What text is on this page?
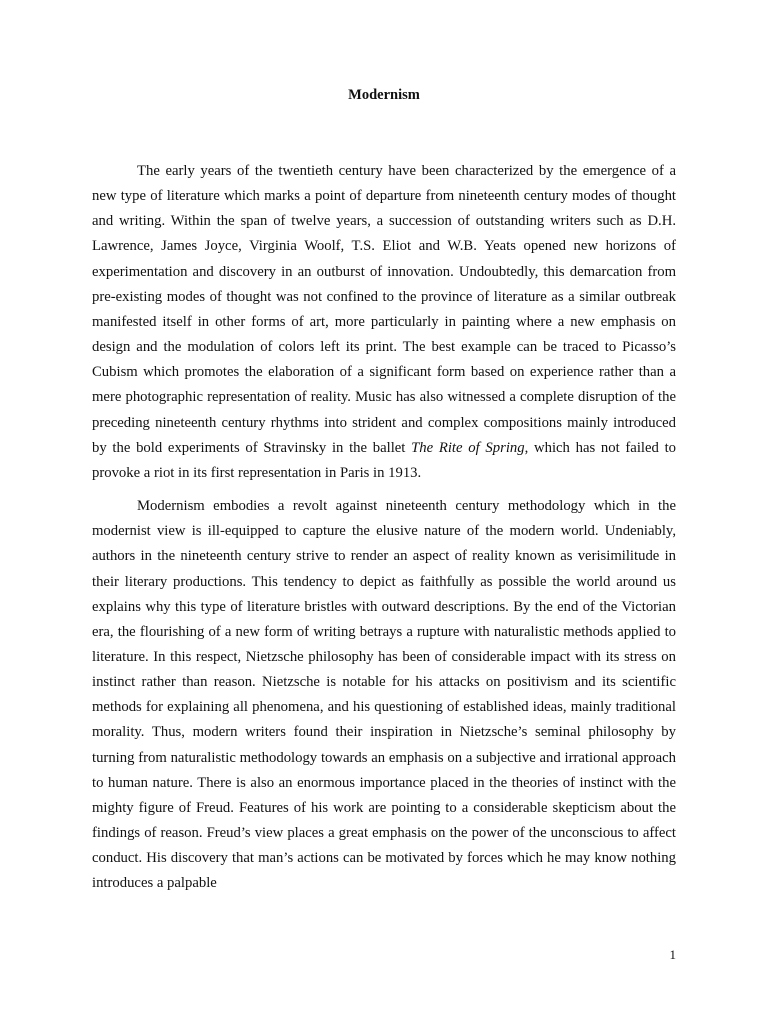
Modernism

The early years of the twentieth century have been characterized by the emergence of a new type of literature which marks a point of departure from nineteenth century modes of thought and writing. Within the span of twelve years, a succession of outstanding writers such as D.H. Lawrence, James Joyce, Virginia Woolf, T.S. Eliot and W.B. Yeats opened new horizons of experimentation and discovery in an outburst of innovation. Undoubtedly, this demarcation from pre-existing modes of thought was not confined to the province of literature as a similar outbreak manifested itself in other forms of art, more particularly in painting where a new emphasis on design and the modulation of colors left its print. The best example can be traced to Picasso’s Cubism which promotes the elaboration of a significant form based on experience rather than a mere photographic representation of reality. Music has also witnessed a complete disruption of the preceding nineteenth century rhythms into strident and complex compositions mainly introduced by the bold experiments of Stravinsky in the ballet The Rite of Spring, which has not failed to provoke a riot in its first representation in Paris in 1913.

Modernism embodies a revolt against nineteenth century methodology which in the modernist view is ill-equipped to capture the elusive nature of the modern world. Undeniably, authors in the nineteenth century strive to render an aspect of reality known as verisimilitude in their literary productions. This tendency to depict as faithfully as possible the world around us explains why this type of literature bristles with outward descriptions. By the end of the Victorian era, the flourishing of a new form of writing betrays a rupture with naturalistic methods applied to literature. In this respect, Nietzsche philosophy has been of considerable impact with its stress on instinct rather than reason. Nietzsche is notable for his attacks on positivism and its scientific methods for explaining all phenomena, and his questioning of established ideas, mainly traditional morality. Thus, modern writers found their inspiration in Nietzsche’s seminal philosophy by turning from naturalistic methodology towards an emphasis on a subjective and irrational approach to human nature. There is also an enormous importance placed in the theories of instinct with the mighty figure of Freud. Features of his work are pointing to a considerable skepticism about the findings of reason. Freud’s view places a great emphasis on the power of the unconscious to affect conduct. His discovery that man’s actions can be motivated by forces which he may know nothing introduces a palpable

1
